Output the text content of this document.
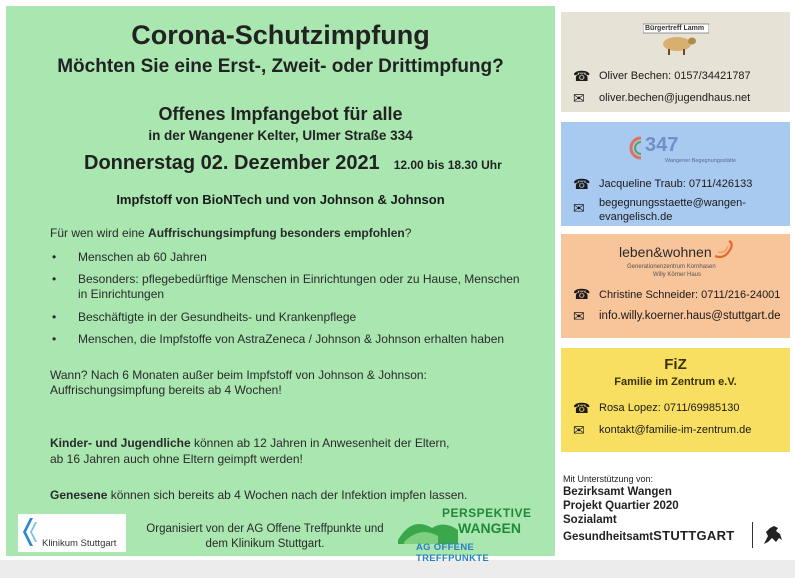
Corona-Schutzimpfung
Möchten Sie eine Erst-, Zweit- oder Drittimpfung?
Offenes Impfangebot für alle
in der Wangener Kelter, Ulmer Straße 334
Donnerstag 02. Dezember 2021 12.00 bis 18.30 Uhr
Impfstoff von BioNTech und von Johnson & Johnson
Für wen wird eine Auffrischungsimpfung besonders empfohlen?
• Menschen ab 60 Jahren
• Besonders: pflegebedürftige Menschen in Einrichtungen oder zu Hause, Menschen in Einrichtungen
• Beschäftigte in der Gesundheits- und Krankenpflege
• Menschen, die Impfstoffe von AstraZeneca / Johnson & Johnson erhalten haben
Wann? Nach 6 Monaten außer beim Impfstoff von Johnson & Johnson:
Auffrischungsimpfung bereits ab 4 Wochen!
Kinder- und Jugendliche können ab 12 Jahren in Anwesenheit der Eltern,
ab 16 Jahren auch ohne Eltern geimpft werden!
Genesene können sich bereits ab 4 Wochen nach der Infektion impfen lassen.
Klinikum Stuttgart
Organisiert von der AG Offene Treffpunkte und
dem Klinikum Stuttgart.
PERSPEKTIVE
WANGEN
AG OFFENE TREFFPUNKTE
Bürgertreff Lamm
☎ Oliver Bechen: 0157/34421787
✉ oliver.bechen@jugendhaus.net
347
Wangener Begegnungsstätte
☎ Jacqueline Traub: 0711/426133
✉ begegnungsstaette@wangen-
evangelisch.de
leben&wohnen
Generationenzentrum Kornhasen
Willy Körner Haus
☎ Christine Schneider: 0711/216-24001
✉ info.willy.koerner.haus@stuttgart.de
FiZ
Familie im Zentrum e.V.
☎ Rosa Lopez: 0711/69985130
✉ kontakt@familie-im-zentrum.de
Mit Unterstützung von:
Bezirksamt Wangen
Projekt Quartier 2020
Sozialamt
GesundheitsamtSTUTTGART
